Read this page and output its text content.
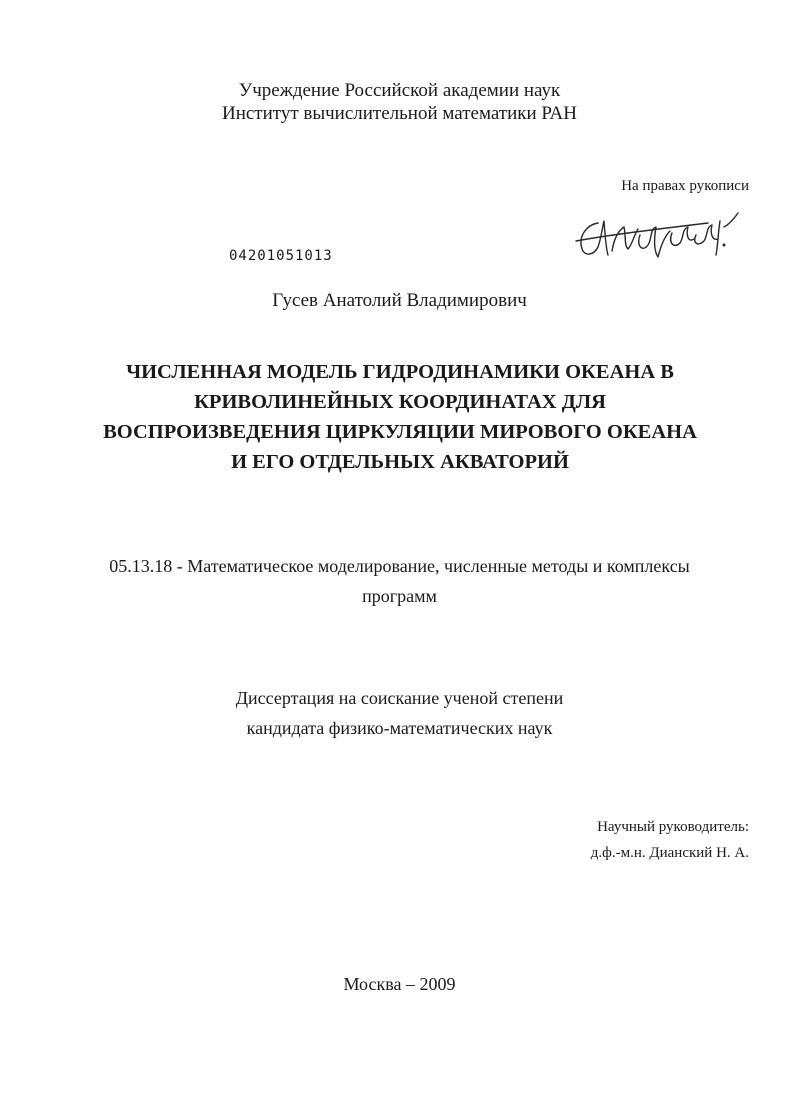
Учреждение Российской академии наук
Институт вычислительной математики РАН
На правах рукописи
04201051013
Гусев Анатолий Владимирович
ЧИСЛЕННАЯ МОДЕЛЬ ГИДРОДИНАМИКИ ОКЕАНА В
КРИВОЛИНЕЙНЫХ КООРДИНАТАХ ДЛЯ
ВОСПРОИЗВЕДЕНИЯ ЦИРКУЛЯЦИИ МИРОВОГО ОКЕАНА
И ЕГО ОТДЕЛЬНЫХ АКВАТОРИЙ
05.13.18 - Математическое моделирование, численные методы и комплексы
программ
Диссертация на соискание ученой степени
кандидата физико-математических наук
Научный руководитель:
д.ф.-м.н. Дианский Н. А.
Москва – 2009
